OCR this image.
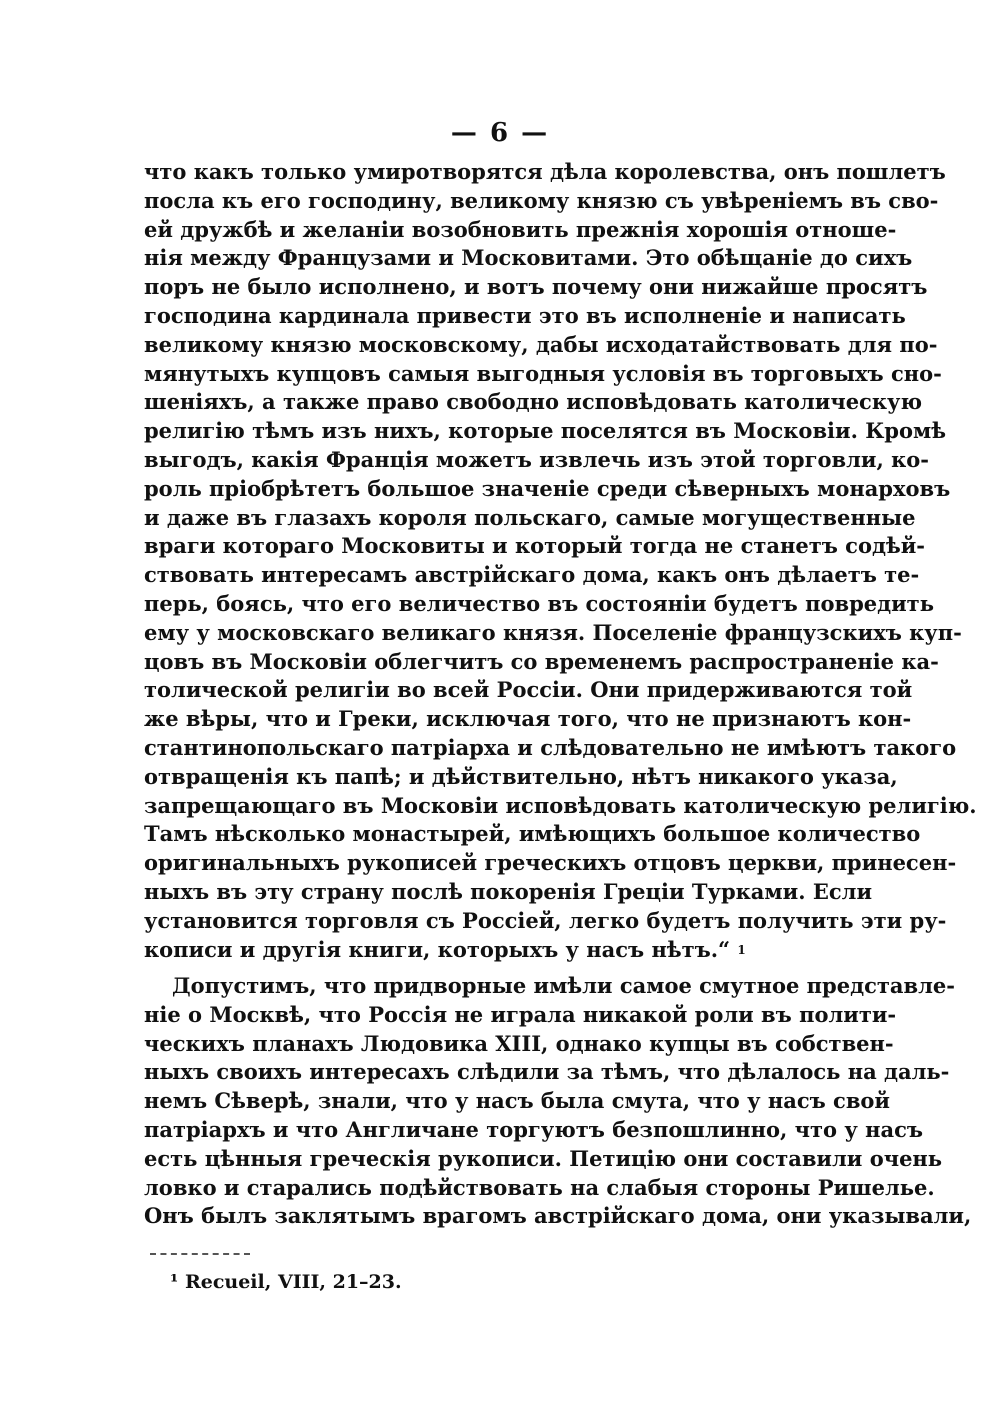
— 6 —
что какъ только умиротворятся дѣла королевства, онъ пошлетъ
посла къ его господину, великому князю съ увѣреніемъ въ сво-
ей дружбѣ и желаніи возобновить прежнія хорошія отноше-
нія между Французами и Московитами. Это обѣщаніе до сихъ
поръ не было исполнено, и вотъ почему они нижайше просятъ
господина кардинала привести это въ исполненіе и написать
великому князю московскому, дабы исходатайствовать для по-
мянутыхъ купцовъ самыя выгодныя условія въ торговыхъ сно-
шеніяхъ, а также право свободно исповѣдовать католическую
религію тѣмъ изъ нихъ, которые поселятся въ Московіи. Кромѣ
выгодъ, какія Франція можетъ извлечь изъ этой торговли, ко-
роль пріобрѣтетъ большое значеніе среди сѣверныхъ монарховъ
и даже въ глазахъ короля польскаго, самые могущественные
враги котораго Московиты и который тогда не станетъ содѣй-
ствовать интересамъ австрійскаго дома, какъ онъ дѣлаетъ те-
перь, боясь, что его величество въ состояніи будетъ повредить
ему у московскаго великаго князя. Поселеніе французскихъ куп-
цовъ въ Московіи облегчитъ со временемъ распространеніе ка-
толической религіи во всей Россіи. Они придерживаются той
же вѣры, что и Греки, исключая того, что не признаютъ кон-
стантинопольскаго патріарха и слѣдовательно не имѣютъ такого
отвращенія къ папѣ; и дѣйствительно, нѣтъ никакого указа,
запрещающаго въ Московіи исповѣдовать католическую религію.
Тамъ нѣсколько монастырей, имѣющихъ большое количество
оригинальныхъ рукописей греческихъ отцовъ церкви, принесен-
ныхъ въ эту страну послѣ покоренія Греціи Турками. Если
установится торговля съ Россіей, легко будетъ получить эти ру-
кописи и другія книги, которыхъ у насъ нѣтъ.“ $^1$
Допустимъ, что придворные имѣли самое смутное представле-
ніе о Москвѣ, что Россія не играла никакой роли въ полити-
ческихъ планахъ Людовика XIII, однако купцы въ собствен-
ныхъ своихъ интересахъ слѣдили за тѣмъ, что дѣлалось на даль-
немъ Сѣверѣ, знали, что у насъ была смута, что у насъ свой
патріархъ и что Англичане торгуютъ безпошлинно, что у насъ
есть цѣнныя греческія рукописи. Петицію они составили очень
ловко и старались подѣйствовать на слабыя стороны Ришелье.
Онъ былъ заклятымъ врагомъ австрійскаго дома, они указывали,
¹ Recueil, VIII, 21–23.
